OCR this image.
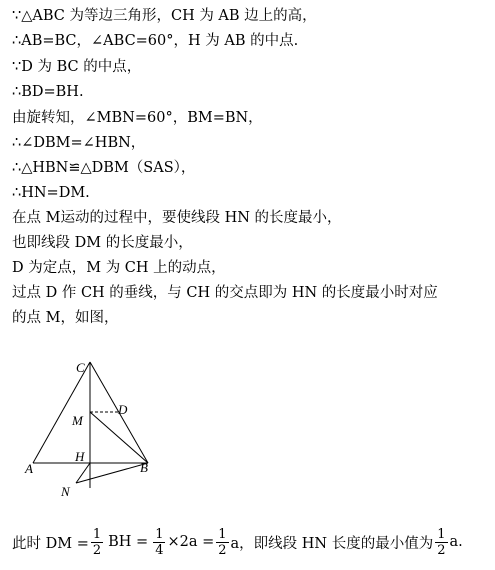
∵△ABC 为等边三角形，CH 为 AB 边上的高，
∴AB=BC，∠ABC=60°，H 为 AB 的中点.
∵D 为 BC 的中点，
∴BD=BH.
由旋转知，∠MBN=60°，BM=BN，
∴∠DBM=∠HBN，
∴△HBN≌△DBM（SAS），
∴HN=DM.
在点 M运动的过程中，要使线段 HN 的长度最小，
也即线段 DM 的长度最小，
D 为定点，M 为 CH 上的动点，
过点 D 作 CH 的垂线，与 CH 的交点即为 HN 的长度最小时对应
的点 M，如图，
C
D
M
H
A	B
N
此时 DM = $\frac{1}{2}$ BH = $\frac{1}{4} \times 2a = \frac{1}{2}$ a，即线段 HN 长度的最小值为 $\frac{1}{2} a$.
